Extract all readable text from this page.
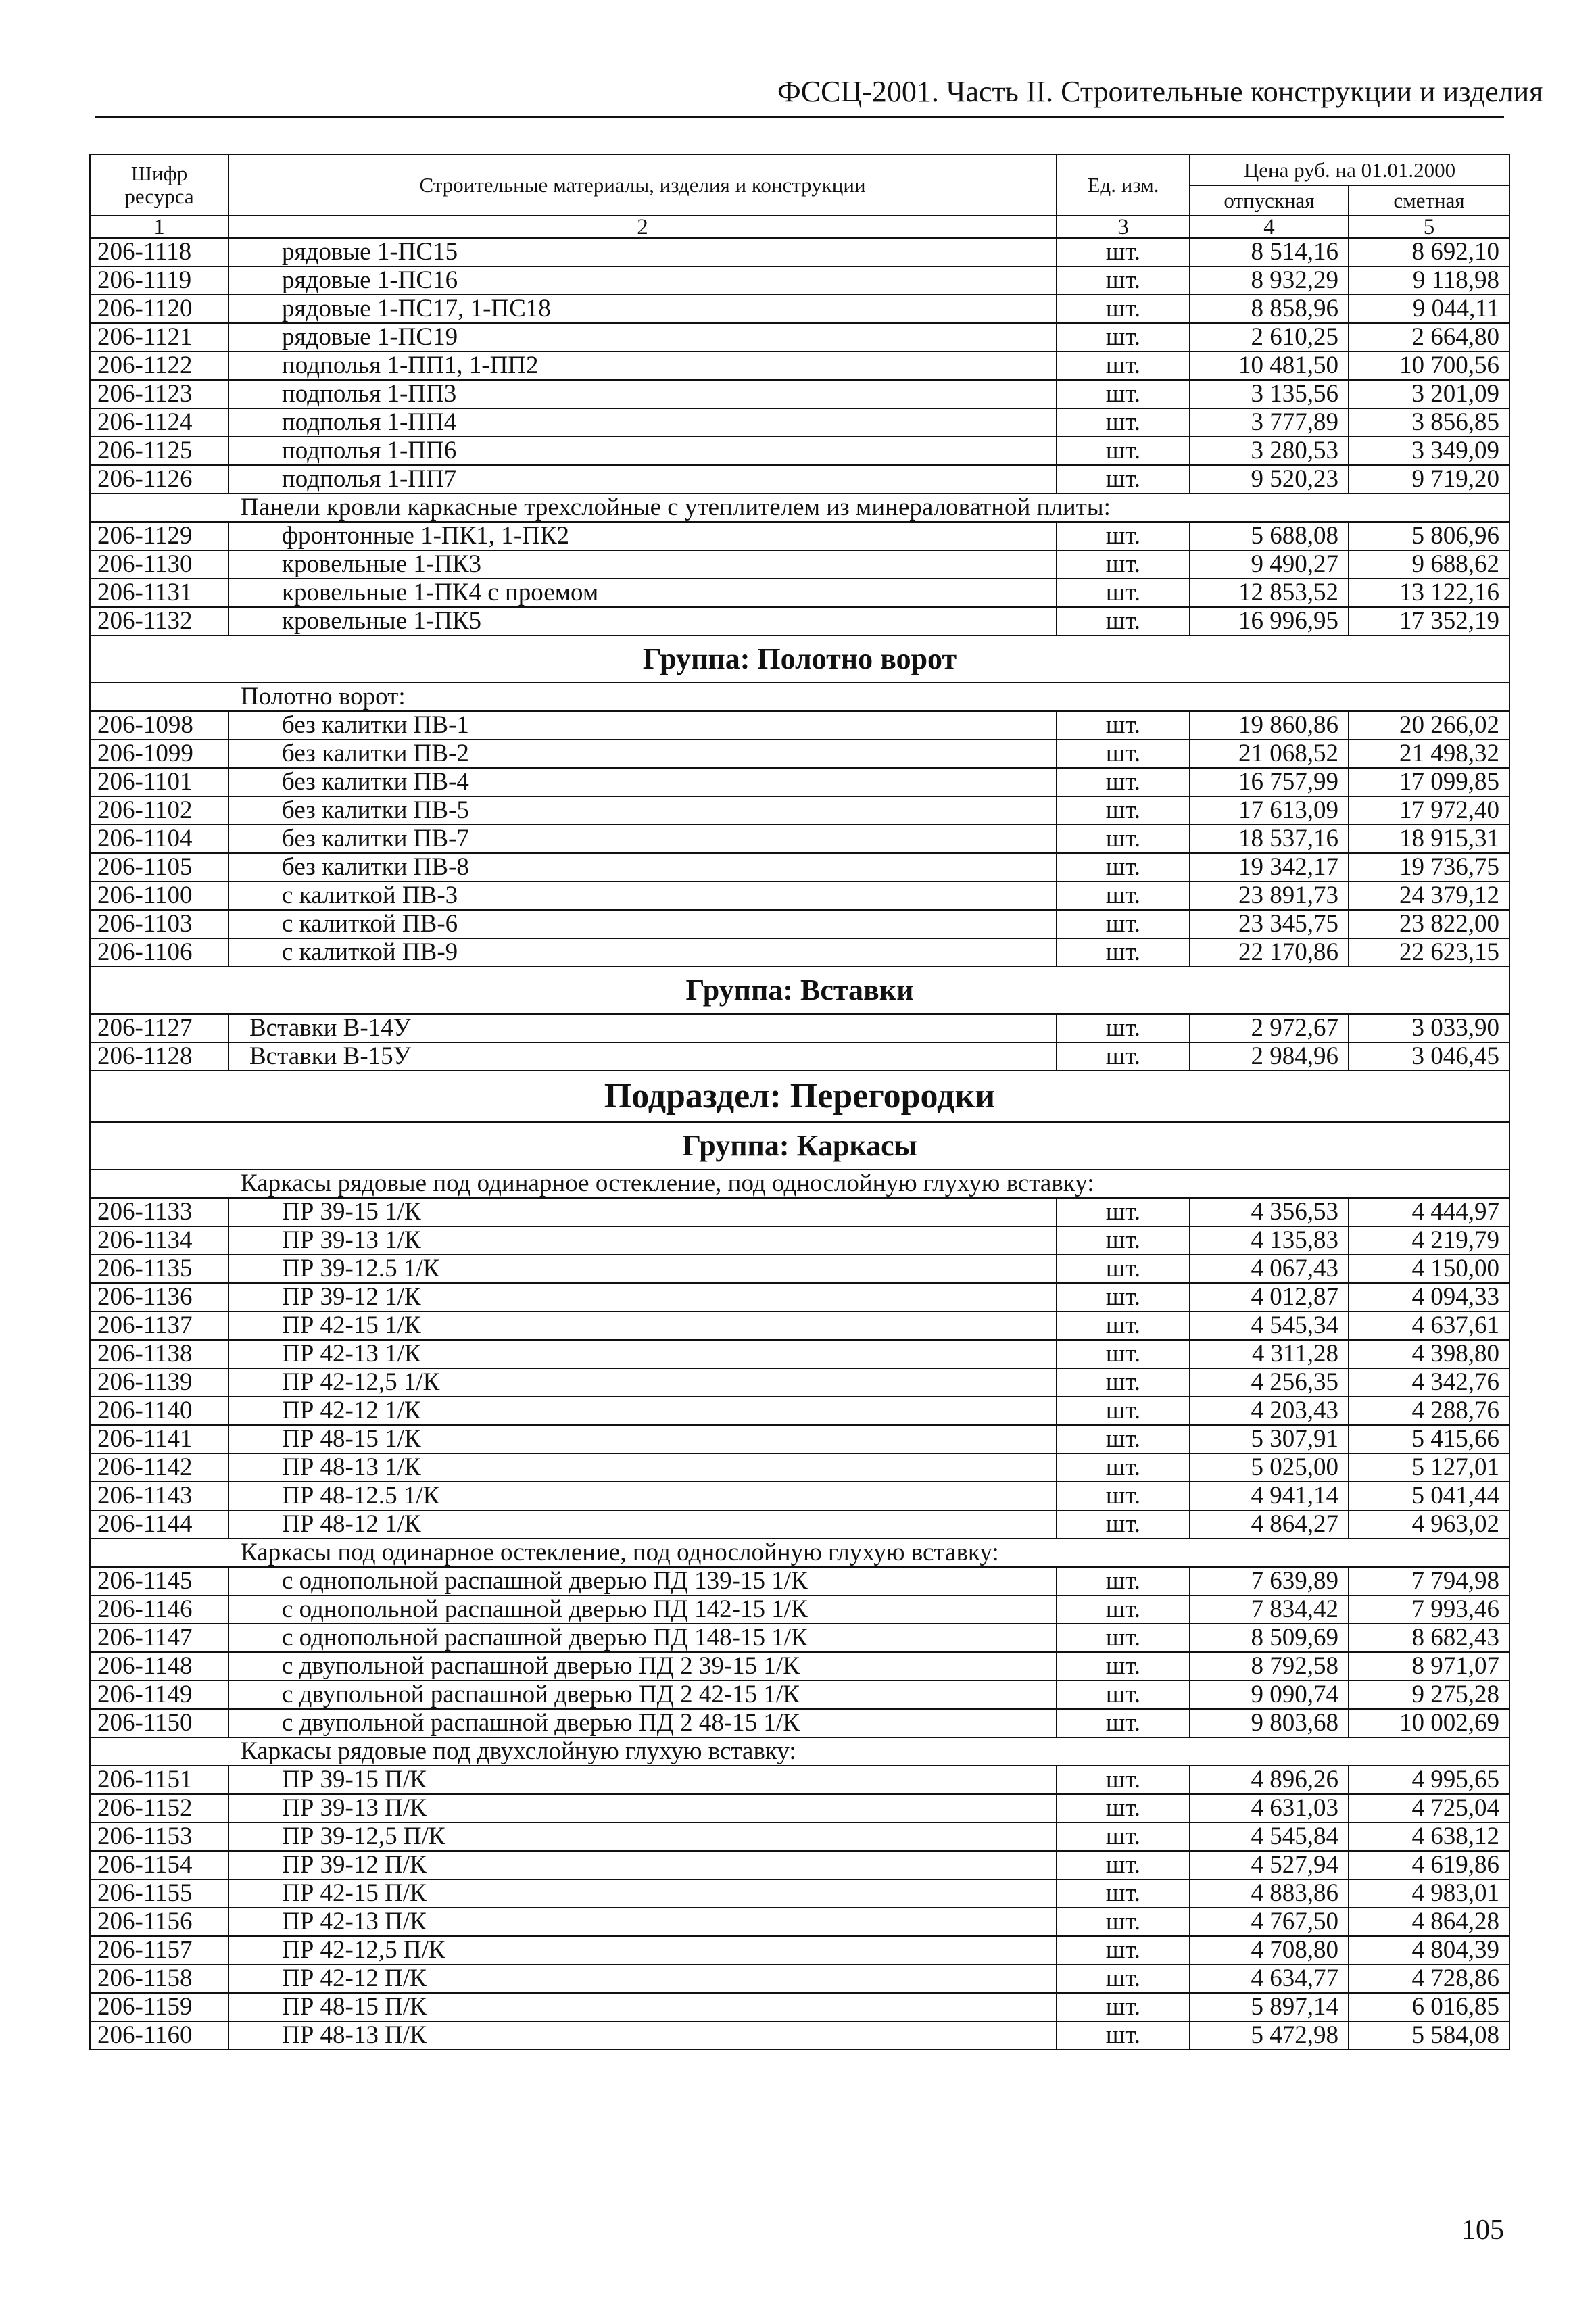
ФССЦ-2001. Часть II. Строительные конструкции и изделия
Шифр ресурса	Строительные материалы, изделия и конструкции	Ед. изм.	Цена руб. на 01.01.2000	
			отпускная	сметная
1	2	3	4	5
206-1118	рядовые 1-ПС15	шт.	8 514,16	8 692,10
206-1119	рядовые 1-ПС16	шт.	8 932,29	9 118,98
206-1120	рядовые 1-ПС17, 1-ПС18	шт.	8 858,96	9 044,11
206-1121	рядовые 1-ПС19	шт.	2 610,25	2 664,80
206-1122	подполья 1-ПП1, 1-ПП2	шт.	10 481,50	10 700,56
206-1123	подполья 1-ПП3	шт.	3 135,56	3 201,09
206-1124	подполья 1-ПП4	шт.	3 777,89	3 856,85
206-1125	подполья 1-ПП6	шт.	3 280,53	3 349,09
206-1126	подполья 1-ПП7	шт.	9 520,23	9 719,20
Панели кровли каркасные трехслойные с утеплителем из минераловатной плиты:				
206-1129	фронтонные 1-ПК1, 1-ПК2	шт.	5 688,08	5 806,96
206-1130	кровельные 1-ПК3	шт.	9 490,27	9 688,62
206-1131	кровельные 1-ПК4 с проемом	шт.	12 853,52	13 122,16
206-1132	кровельные 1-ПК5	шт.	16 996,95	17 352,19
Группа: Полотно ворот				
Полотно ворот:				
206-1098	без калитки ПВ-1	шт.	19 860,86	20 266,02
206-1099	без калитки ПВ-2	шт.	21 068,52	21 498,32
206-1101	без калитки ПВ-4	шт.	16 757,99	17 099,85
206-1102	без калитки ПВ-5	шт.	17 613,09	17 972,40
206-1104	без калитки ПВ-7	шт.	18 537,16	18 915,31
206-1105	без калитки ПВ-8	шт.	19 342,17	19 736,75
206-1100	с калиткой ПВ-3	шт.	23 891,73	24 379,12
206-1103	с калиткой ПВ-6	шт.	23 345,75	23 822,00
206-1106	с калиткой ПВ-9	шт.	22 170,86	22 623,15
Группа: Вставки				
206-1127	Вставки В-14У	шт.	2 972,67	3 033,90
206-1128	Вставки В-15У	шт.	2 984,96	3 046,45
Подраздел: Перегородки				
Группа: Каркасы				
Каркасы рядовые под одинарное остекление, под однослойную глухую вставку:				
206-1133	ПР 39-15 1/К	шт.	4 356,53	4 444,97
206-1134	ПР 39-13 1/К	шт.	4 135,83	4 219,79
206-1135	ПР 39-12.5 1/К	шт.	4 067,43	4 150,00
206-1136	ПР 39-12 1/К	шт.	4 012,87	4 094,33
206-1137	ПР 42-15 1/К	шт.	4 545,34	4 637,61
206-1138	ПР 42-13 1/К	шт.	4 311,28	4 398,80
206-1139	ПР 42-12,5 1/К	шт.	4 256,35	4 342,76
206-1140	ПР 42-12 1/К	шт.	4 203,43	4 288,76
206-1141	ПР 48-15 1/К	шт.	5 307,91	5 415,66
206-1142	ПР 48-13 1/К	шт.	5 025,00	5 127,01
206-1143	ПР 48-12.5 1/К	шт.	4 941,14	5 041,44
206-1144	ПР 48-12 1/К	шт.	4 864,27	4 963,02
Каркасы под одинарное остекление, под однослойную глухую вставку:				
206-1145	с однопольной распашной дверью ПД 139-15 1/К	шт.	7 639,89	7 794,98
206-1146	с однопольной распашной дверью ПД 142-15 1/К	шт.	7 834,42	7 993,46
206-1147	с однопольной распашной дверью ПД 148-15 1/К	шт.	8 509,69	8 682,43
206-1148	с двупольной распашной дверью ПД 2 39-15 1/К	шт.	8 792,58	8 971,07
206-1149	с двупольной распашной дверью ПД 2 42-15 1/К	шт.	9 090,74	9 275,28
206-1150	с двупольной распашной дверью ПД 2 48-15 1/К	шт.	9 803,68	10 002,69
Каркасы рядовые под двухслойную глухую вставку:				
206-1151	ПР 39-15 П/К	шт.	4 896,26	4 995,65
206-1152	ПР 39-13 П/К	шт.	4 631,03	4 725,04
206-1153	ПР 39-12,5 П/К	шт.	4 545,84	4 638,12
206-1154	ПР 39-12 П/К	шт.	4 527,94	4 619,86
206-1155	ПР 42-15 П/К	шт.	4 883,86	4 983,01
206-1156	ПР 42-13 П/К	шт.	4 767,50	4 864,28
206-1157	ПР 42-12,5 П/К	шт.	4 708,80	4 804,39
206-1158	ПР 42-12 П/К	шт.	4 634,77	4 728,86
206-1159	ПР 48-15 П/К	шт.	5 897,14	6 016,85
206-1160	ПР 48-13 П/К	шт.	5 472,98	5 584,08
105
